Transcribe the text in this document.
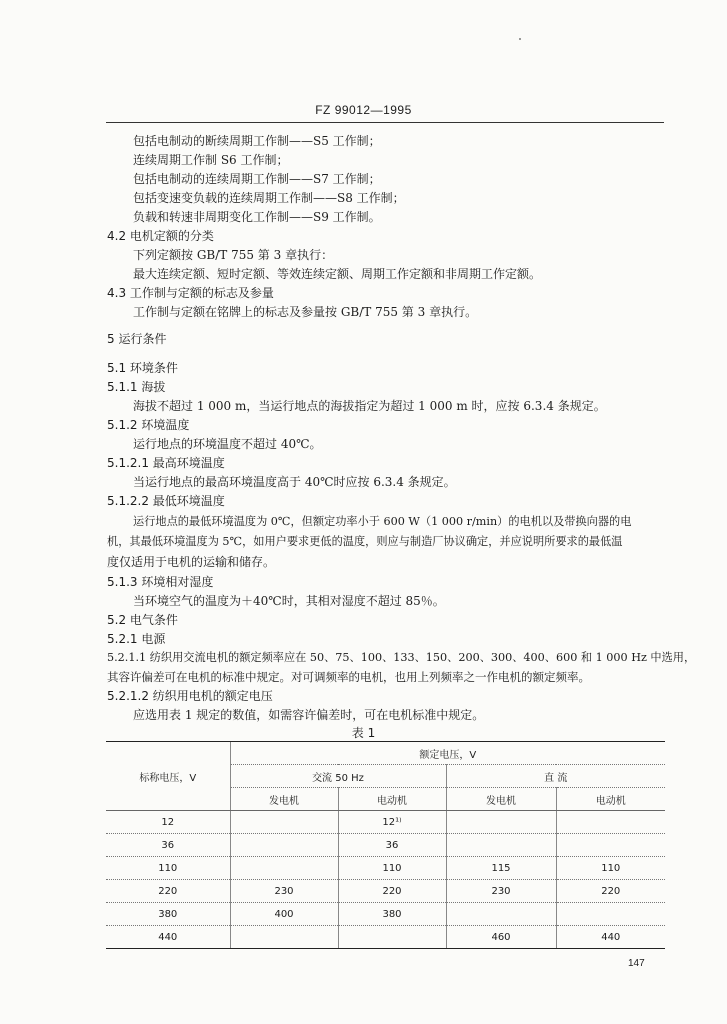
FZ 99012—1995
包括电制动的断续周期工作制——S5 工作制；
连续周期工作制 S6 工作制；
包括电制动的连续周期工作制——S7 工作制；
包括变速变负载的连续周期工作制——S8 工作制；
负载和转速非周期变化工作制——S9 工作制。
4.2 电机定额的分类
下列定额按 GB/T 755 第 3 章执行：
最大连续定额、短时定额、等效连续定额、周期工作定额和非周期工作定额。
4.3 工作制与定额的标志及参量
工作制与定额在铭牌上的标志及参量按 GB/T 755 第 3 章执行。
5 运行条件
5.1 环境条件
5.1.1 海拔
海拔不超过 1 000 m，当运行地点的海拔指定为超过 1 000 m 时，应按 6.3.4 条规定。
5.1.2 环境温度
运行地点的环境温度不超过 40℃。
5.1.2.1 最高环境温度
当运行地点的最高环境温度高于 40℃时应按 6.3.4 条规定。
5.1.2.2 最低环境温度
运行地点的最低环境温度为 0℃，但额定功率小于 600 W（1 000 r/min）的电机以及带换向器的电
机，其最低环境温度为 5℃，如用户要求更低的温度，则应与制造厂协议确定，并应说明所要求的最低温
度仅适用于电机的运输和储存。
5.1.3 环境相对湿度
当环境空气的温度为＋40℃时，其相对湿度不超过 85％。
5.2 电气条件
5.2.1 电源
5.2.1.1 纺织用交流电机的额定频率应在 50、75、100、133、150、200、300、400、600 和 1 000 Hz 中选用，
其容许偏差可在电机的标准中规定。对可调频率的电机，也用上列频率之一作电机的额定频率。
5.2.1.2 纺织用电机的额定电压
应选用表 1 规定的数值，如需容许偏差时，可在电机标准中规定。
表 1
标称电压，V	额定电压，V			
	交流 50 Hz		直 流	
	发电机	电动机	发电机	电动机
12		12¹⁾		
36		36		
110		110	115	110
220	230	220	230	220
380	400	380		
440			460	440
147
